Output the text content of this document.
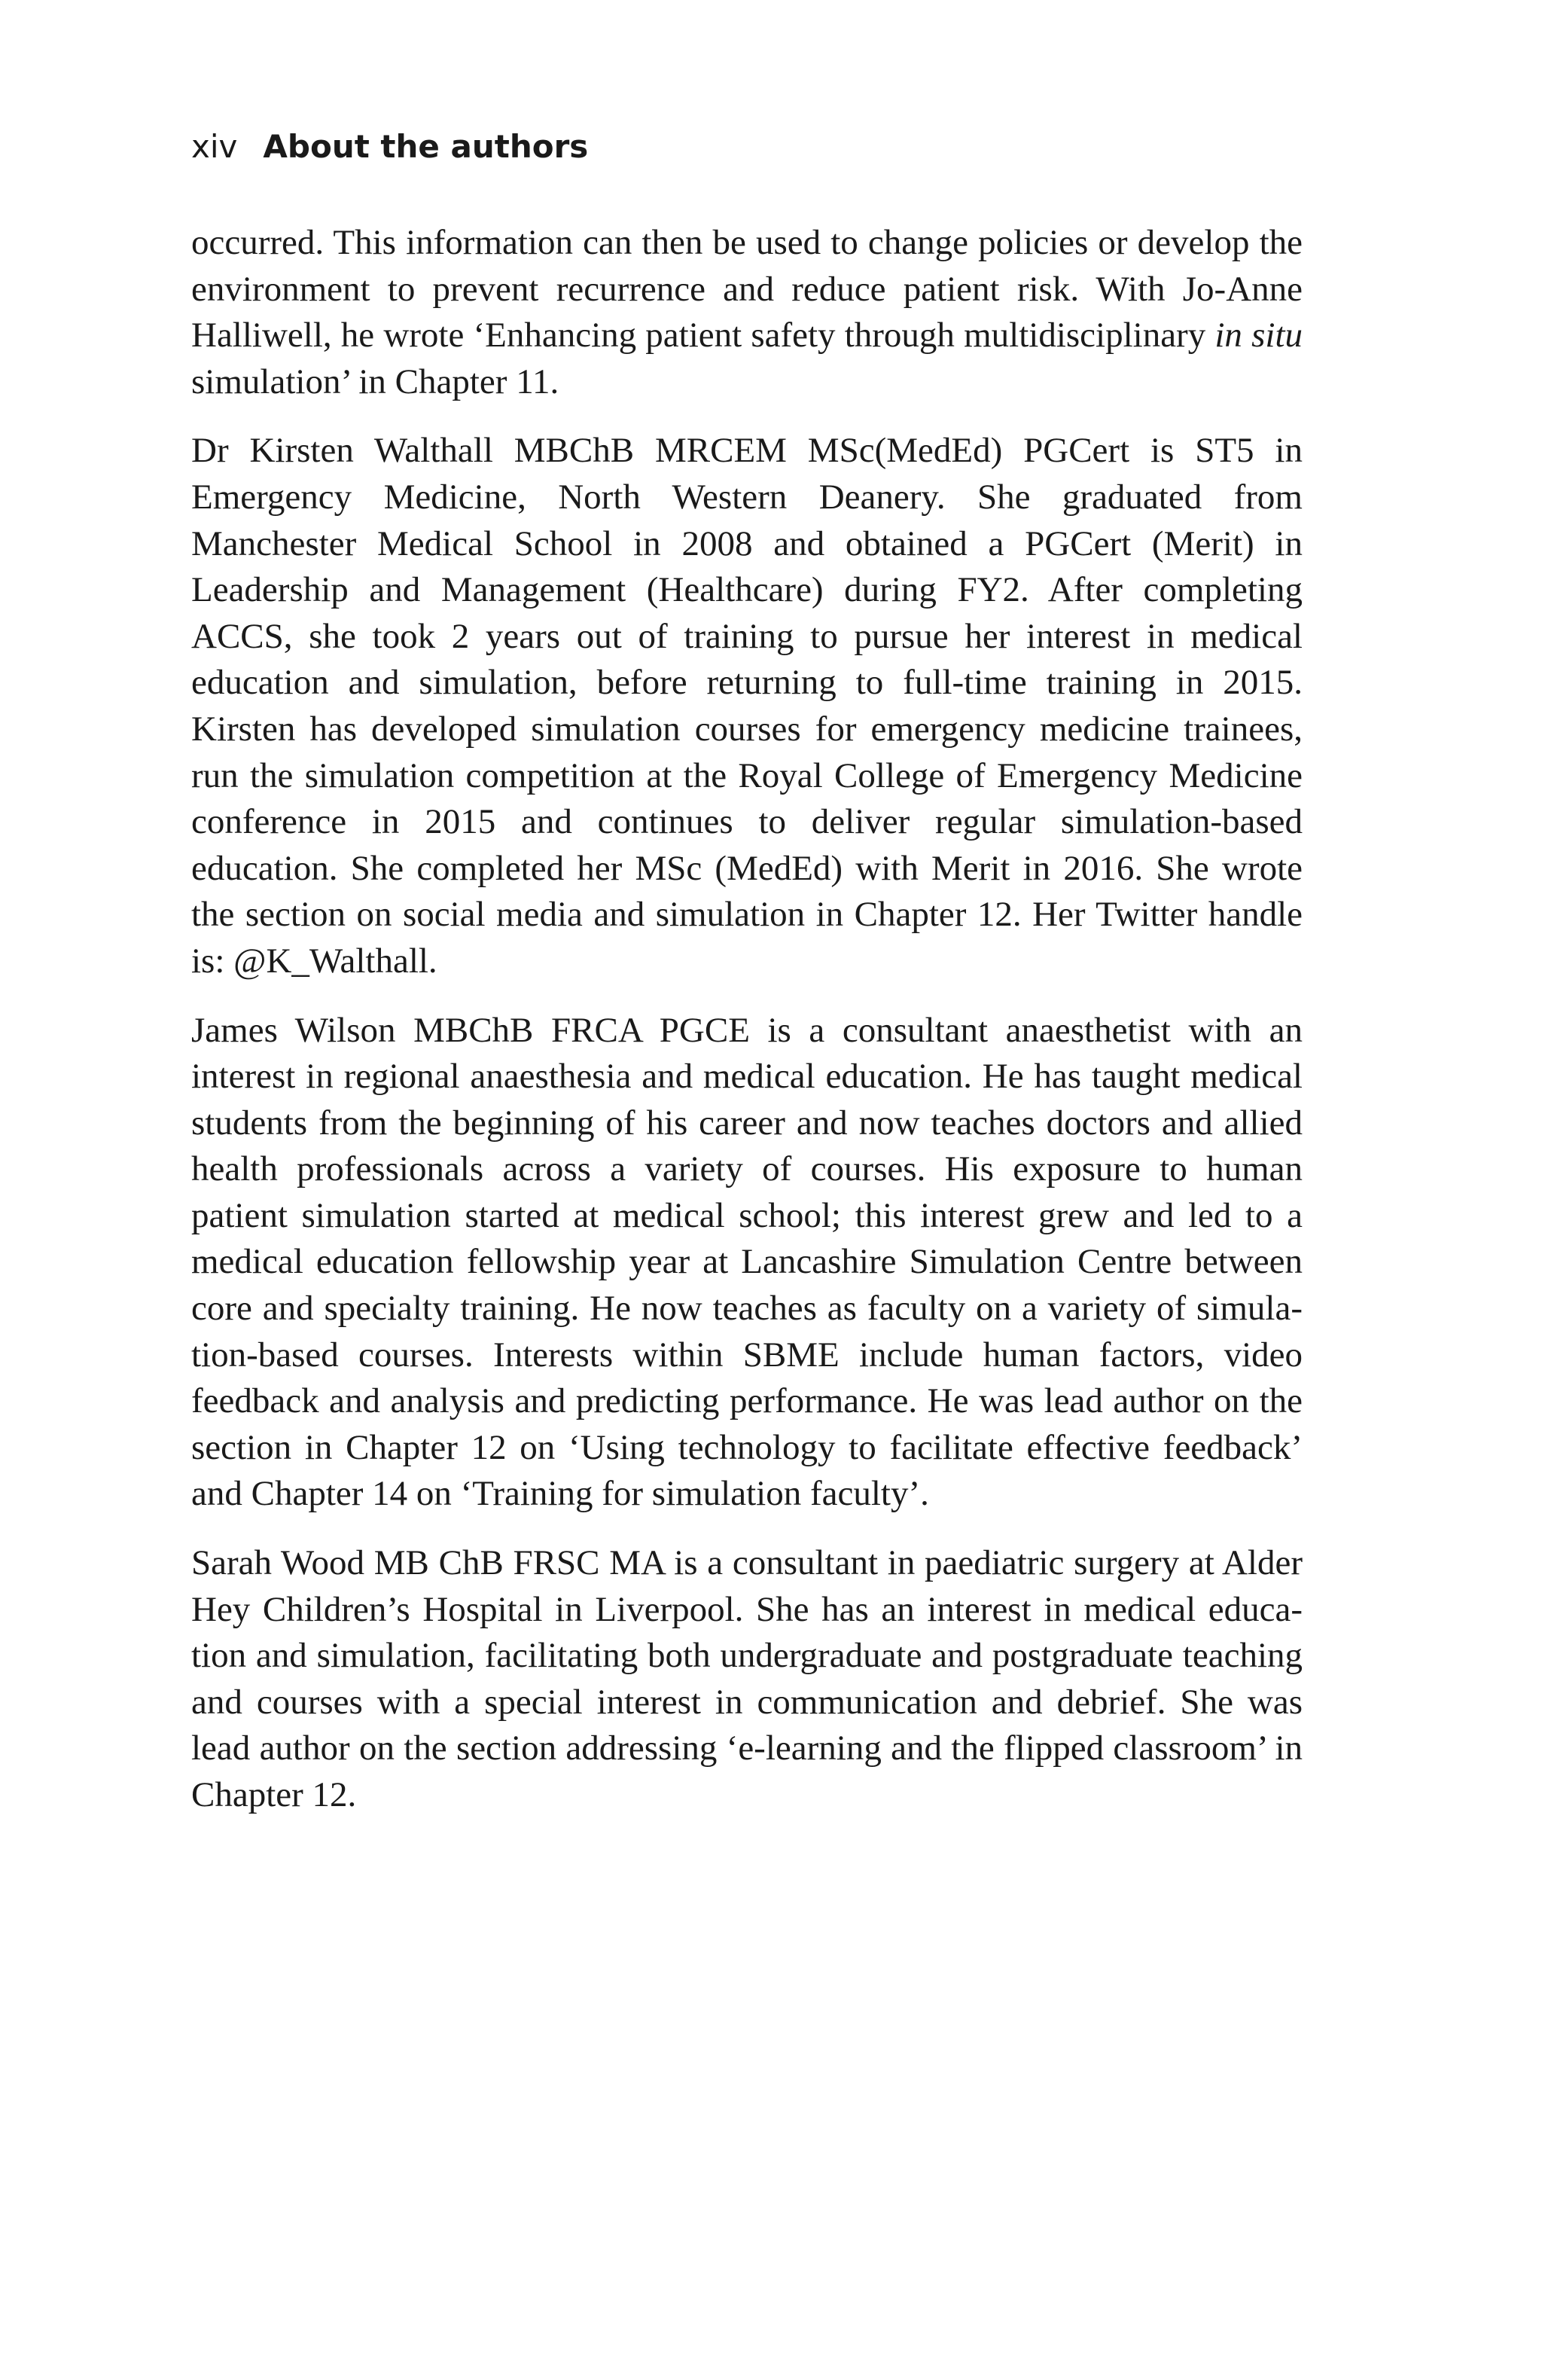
xiv About the authors

occurred. This information can then be used to change policies or develop the environment to prevent recurrence and reduce patient risk. With Jo-Anne Halliwell, he wrote ‘Enhancing patient safety through multidisciplinary in situ simulation’ in Chapter 11.

Dr Kirsten Walthall MBChB MRCEM MSc(MedEd) PGCert is ST5 in Emergency Medicine, North Western Deanery. She graduated from Manchester Medical School in 2008 and obtained a PGCert (Merit) in Leadership and Management (Healthcare) during FY2. After completing ACCS, she took 2 years out of training to pursue her interest in medical education and simulation, before returning to full-time training in 2015. Kirsten has developed simulation courses for emergency medicine trainees, run the simulation competition at the Royal College of Emergency Medicine conference in 2015 and continues to deliver regular simulation-based education. She completed her MSc (MedEd) with Merit in 2016. She wrote the section on social media and simulation in Chapter 12. Her Twitter handle is: @K_Walthall.

James Wilson MBChB FRCA PGCE is a consultant anaesthetist with an interest in regional anaesthesia and medical education. He has taught medical students from the beginning of his career and now teaches doctors and allied health professionals across a variety of courses. His exposure to human patient simulation started at medical school; this interest grew and led to a medical education fellowship year at Lancashire Simulation Centre between core and specialty training. He now teaches as faculty on a variety of simulation-based courses. Interests within SBME include human factors, video feedback and analysis and predicting performance. He was lead author on the section in Chapter 12 on ‘Using technology to facilitate effective feedback’ and Chapter 14 on ‘Training for simulation faculty’.

Sarah Wood MB ChB FRSC MA is a consultant in paediatric surgery at Alder Hey Children’s Hospital in Liverpool. She has an interest in medical education and simulation, facilitating both undergraduate and postgraduate teaching and courses with a special interest in communication and debrief. She was lead author on the section addressing ‘e-learning and the flipped classroom’ in Chapter 12.
